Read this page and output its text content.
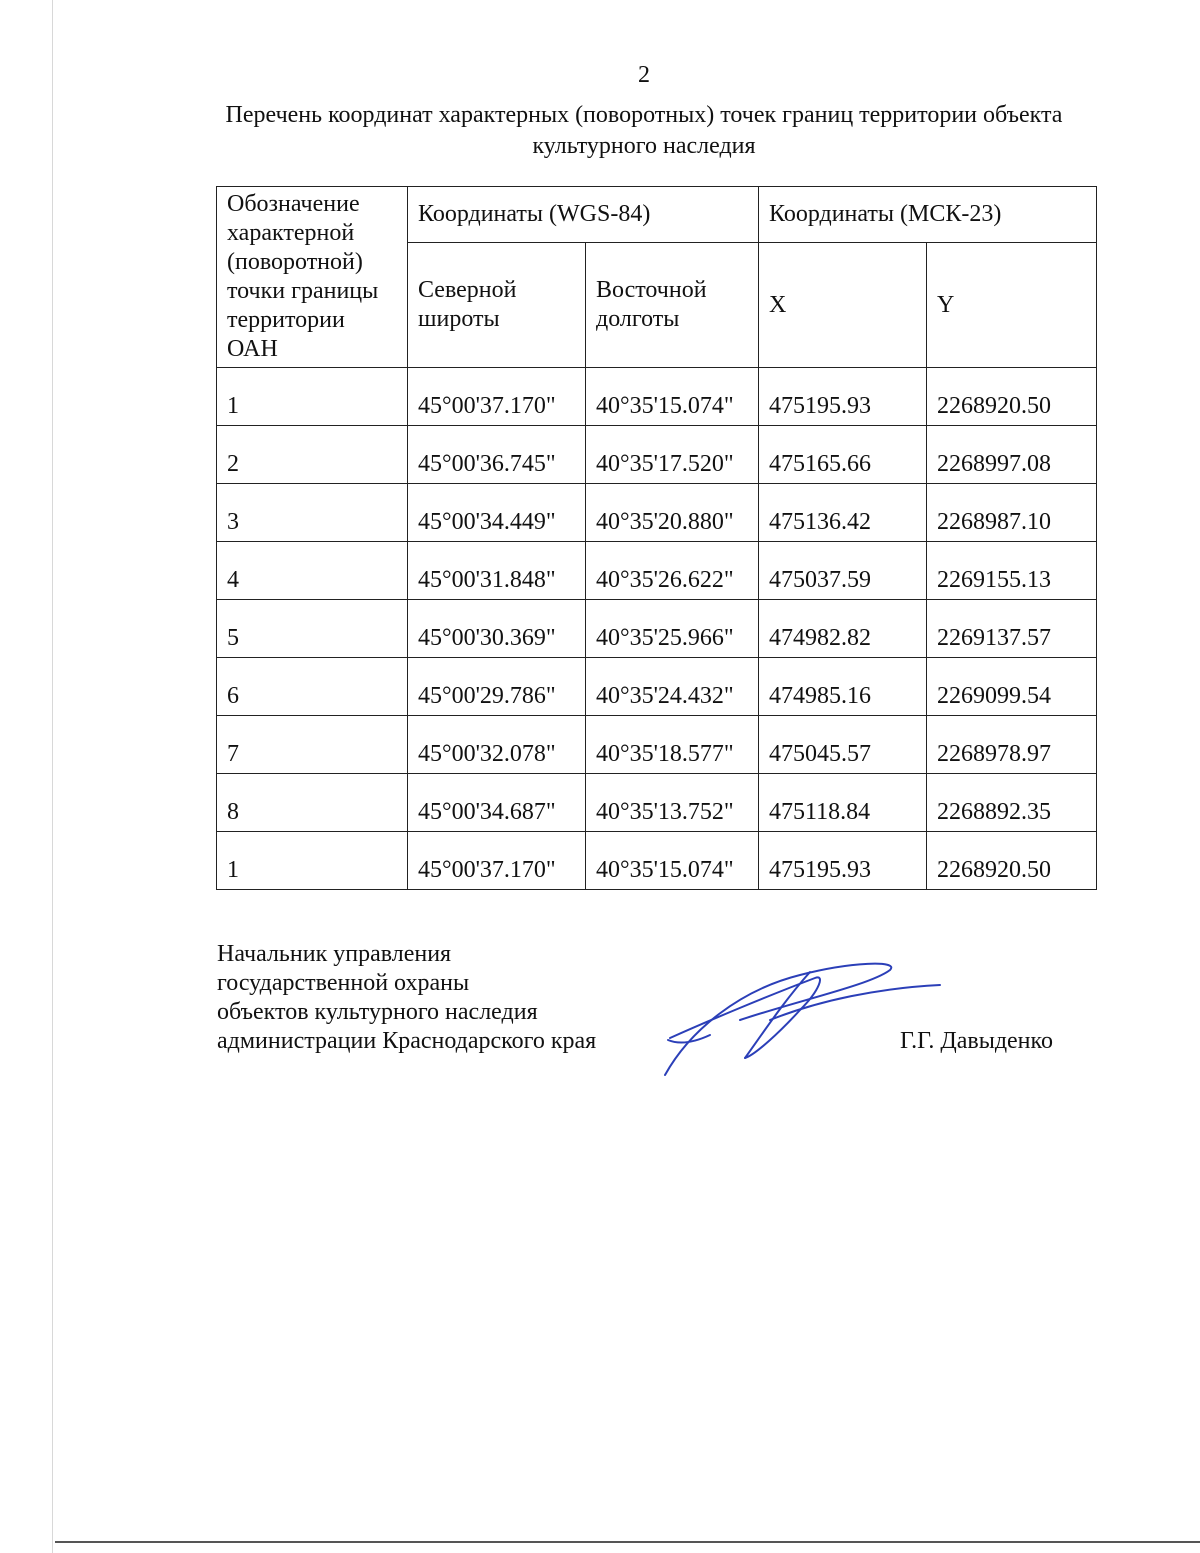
2
Перечень координат характерных (поворотных) точек границ территории объекта культурного наследия
Обозначение характерной (поворотной) точки границы территории ОАН	Координаты (WGS-84)		Координаты (МСК-23)	
	Северной широты	Восточной долготы	X	Y
1	45°00'37.170"	40°35'15.074"	475195.93	2268920.50
2	45°00'36.745"	40°35'17.520"	475165.66	2268997.08
3	45°00'34.449"	40°35'20.880"	475136.42	2268987.10
4	45°00'31.848"	40°35'26.622"	475037.59	2269155.13
5	45°00'30.369"	40°35'25.966"	474982.82	2269137.57
6	45°00'29.786"	40°35'24.432"	474985.16	2269099.54
7	45°00'32.078"	40°35'18.577"	475045.57	2268978.97
8	45°00'34.687"	40°35'13.752"	475118.84	2268892.35
1	45°00'37.170"	40°35'15.074"	475195.93	2268920.50
Начальник управления
государственной охраны
объектов культурного наследия
администрации Краснодарского края	Г.Г. Давыденко
